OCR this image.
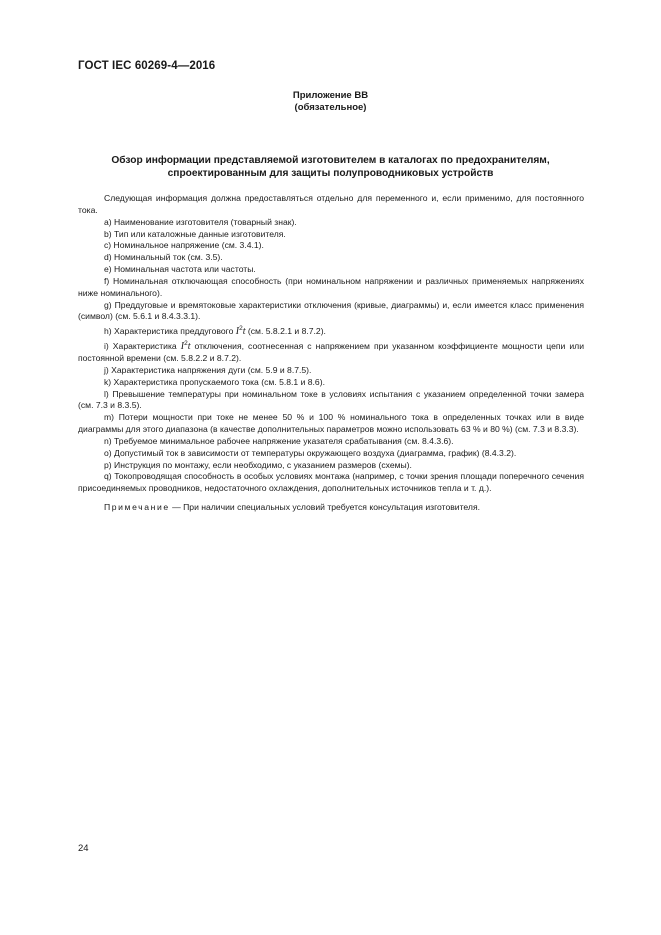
ГОСТ IEC 60269-4—2016
Приложение ВВ
(обязательное)
Обзор информации представляемой изготовителем в каталогах по предохранителям,
спроектированным для защиты полупроводниковых устройств

Следующая информация должна предоставляться отдельно для переменного и, если применимо, для постоянного тока.

a) Наименование изготовителя (товарный знак).

b) Тип или каталожные данные изготовителя.

c) Номинальное напряжение (см. 3.4.1).

d) Номинальный ток (см. 3.5).

e) Номинальная частота или частоты.

f) Номинальная отключающая способность (при номинальном напряжении и различных применяемых напряжениях ниже номинального).

g) Преддуговые и времятоковые характеристики отключения (кривые, диаграммы) и, если имеется класс применения (символ) (см. 5.6.1 и 8.4.3.3.1).

h) Характеристика преддугового $I^2t$ (см. 5.8.2.1 и 8.7.2).

i) Характеристика $I^2t$ отключения, соотнесенная с напряжением при указанном коэффициенте мощности цепи или постоянной времени (см. 5.8.2.2 и 8.7.2).

j) Характеристика напряжения дуги (см. 5.9 и 8.7.5).

k) Характеристика пропускаемого тока (см. 5.8.1 и 8.6).

l) Превышение температуры при номинальном токе в условиях испытания с указанием определенной точки замера (см. 7.3 и 8.3.5).

m) Потери мощности при токе не менее 50 % и 100 % номинального тока в определенных точках или в виде диаграммы для этого диапазона (в качестве дополнительных параметров можно использовать 63 % и 80 %) (см. 7.3 и 8.3.3).

n) Требуемое минимальное рабочее напряжение указателя срабатывания (см. 8.4.3.6).

o) Допустимый ток в зависимости от температуры окружающего воздуха (диаграмма, график) (8.4.3.2).

p) Инструкция по монтажу, если необходимо, с указанием размеров (схемы).

q) Токопроводящая способность в особых условиях монтажа (например, с точки зрения площади поперечного сечения присоединяемых проводников, недостаточного охлаждения, дополнительных источников тепла и т. д.).

Примечание — При наличии специальных условий требуется консультация изготовителя.

24
